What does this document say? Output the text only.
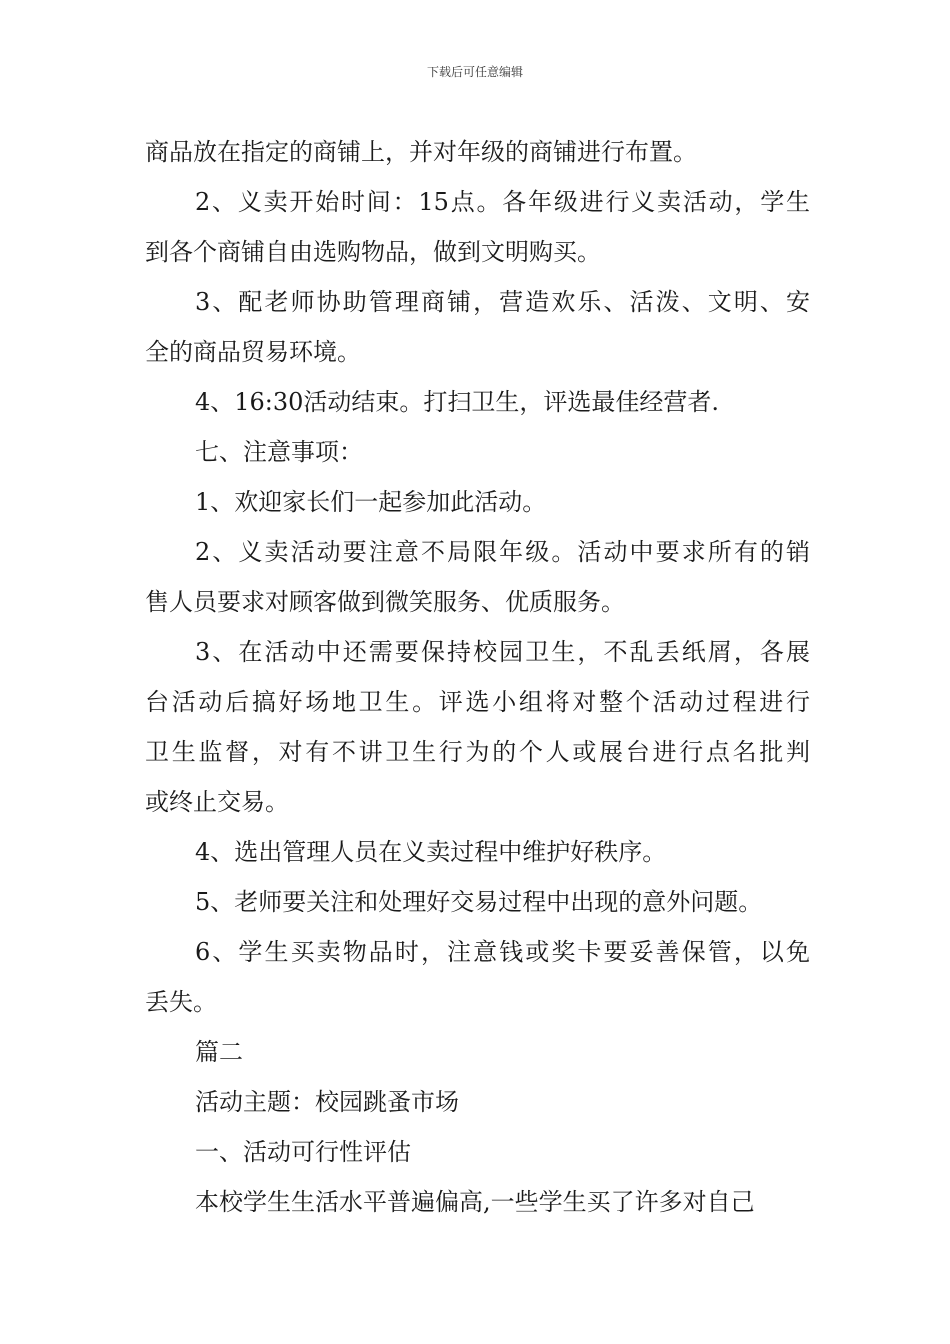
下载后可任意编辑
商品放在指定的商铺上，并对年级的商铺进行布置。
2、义卖开始时间：15点。各年级进行义卖活动，学生
到各个商铺自由选购物品，做到文明购买。
3、配老师协助管理商铺，营造欢乐、活泼、文明、安
全的商品贸易环境。
4、16:30活动结束。打扫卫生，评选最佳经营者.
七、注意事项：
1、欢迎家长们一起参加此活动。
2、义卖活动要注意不局限年级。活动中要求所有的销
售人员要求对顾客做到微笑服务、优质服务。
3、在活动中还需要保持校园卫生，不乱丢纸屑，各展
台活动后搞好场地卫生。评选小组将对整个活动过程进行
卫生监督，对有不讲卫生行为的个人或展台进行点名批判
或终止交易。
4、选出管理人员在义卖过程中维护好秩序。
5、老师要关注和处理好交易过程中出现的意外问题。
6、学生买卖物品时，注意钱或奖卡要妥善保管，以免
丢失。
篇二
活动主题：校园跳蚤市场
一、活动可行性评估
本校学生生活水平普遍偏高,一些学生买了许多对自己
